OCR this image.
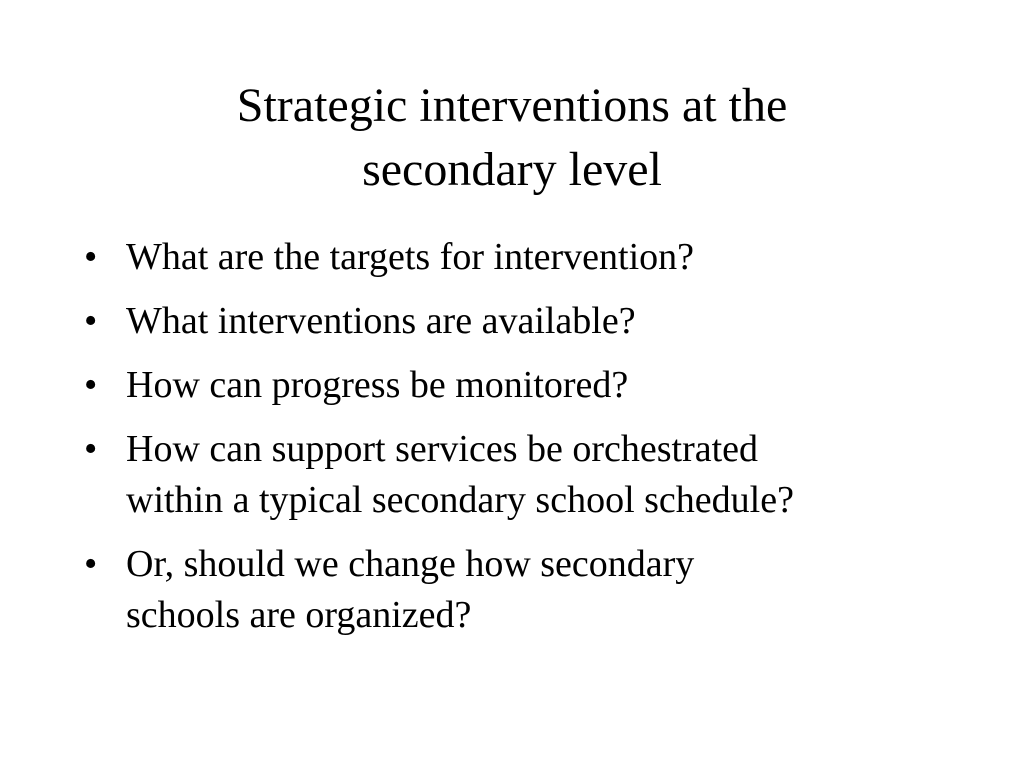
Strategic interventions at the
secondary level
• What are the targets for intervention?
• What interventions are available?
• How can progress be monitored?
• How can support services be orchestrated
within a typical secondary school schedule?
• Or, should we change how secondary
schools are organized?
